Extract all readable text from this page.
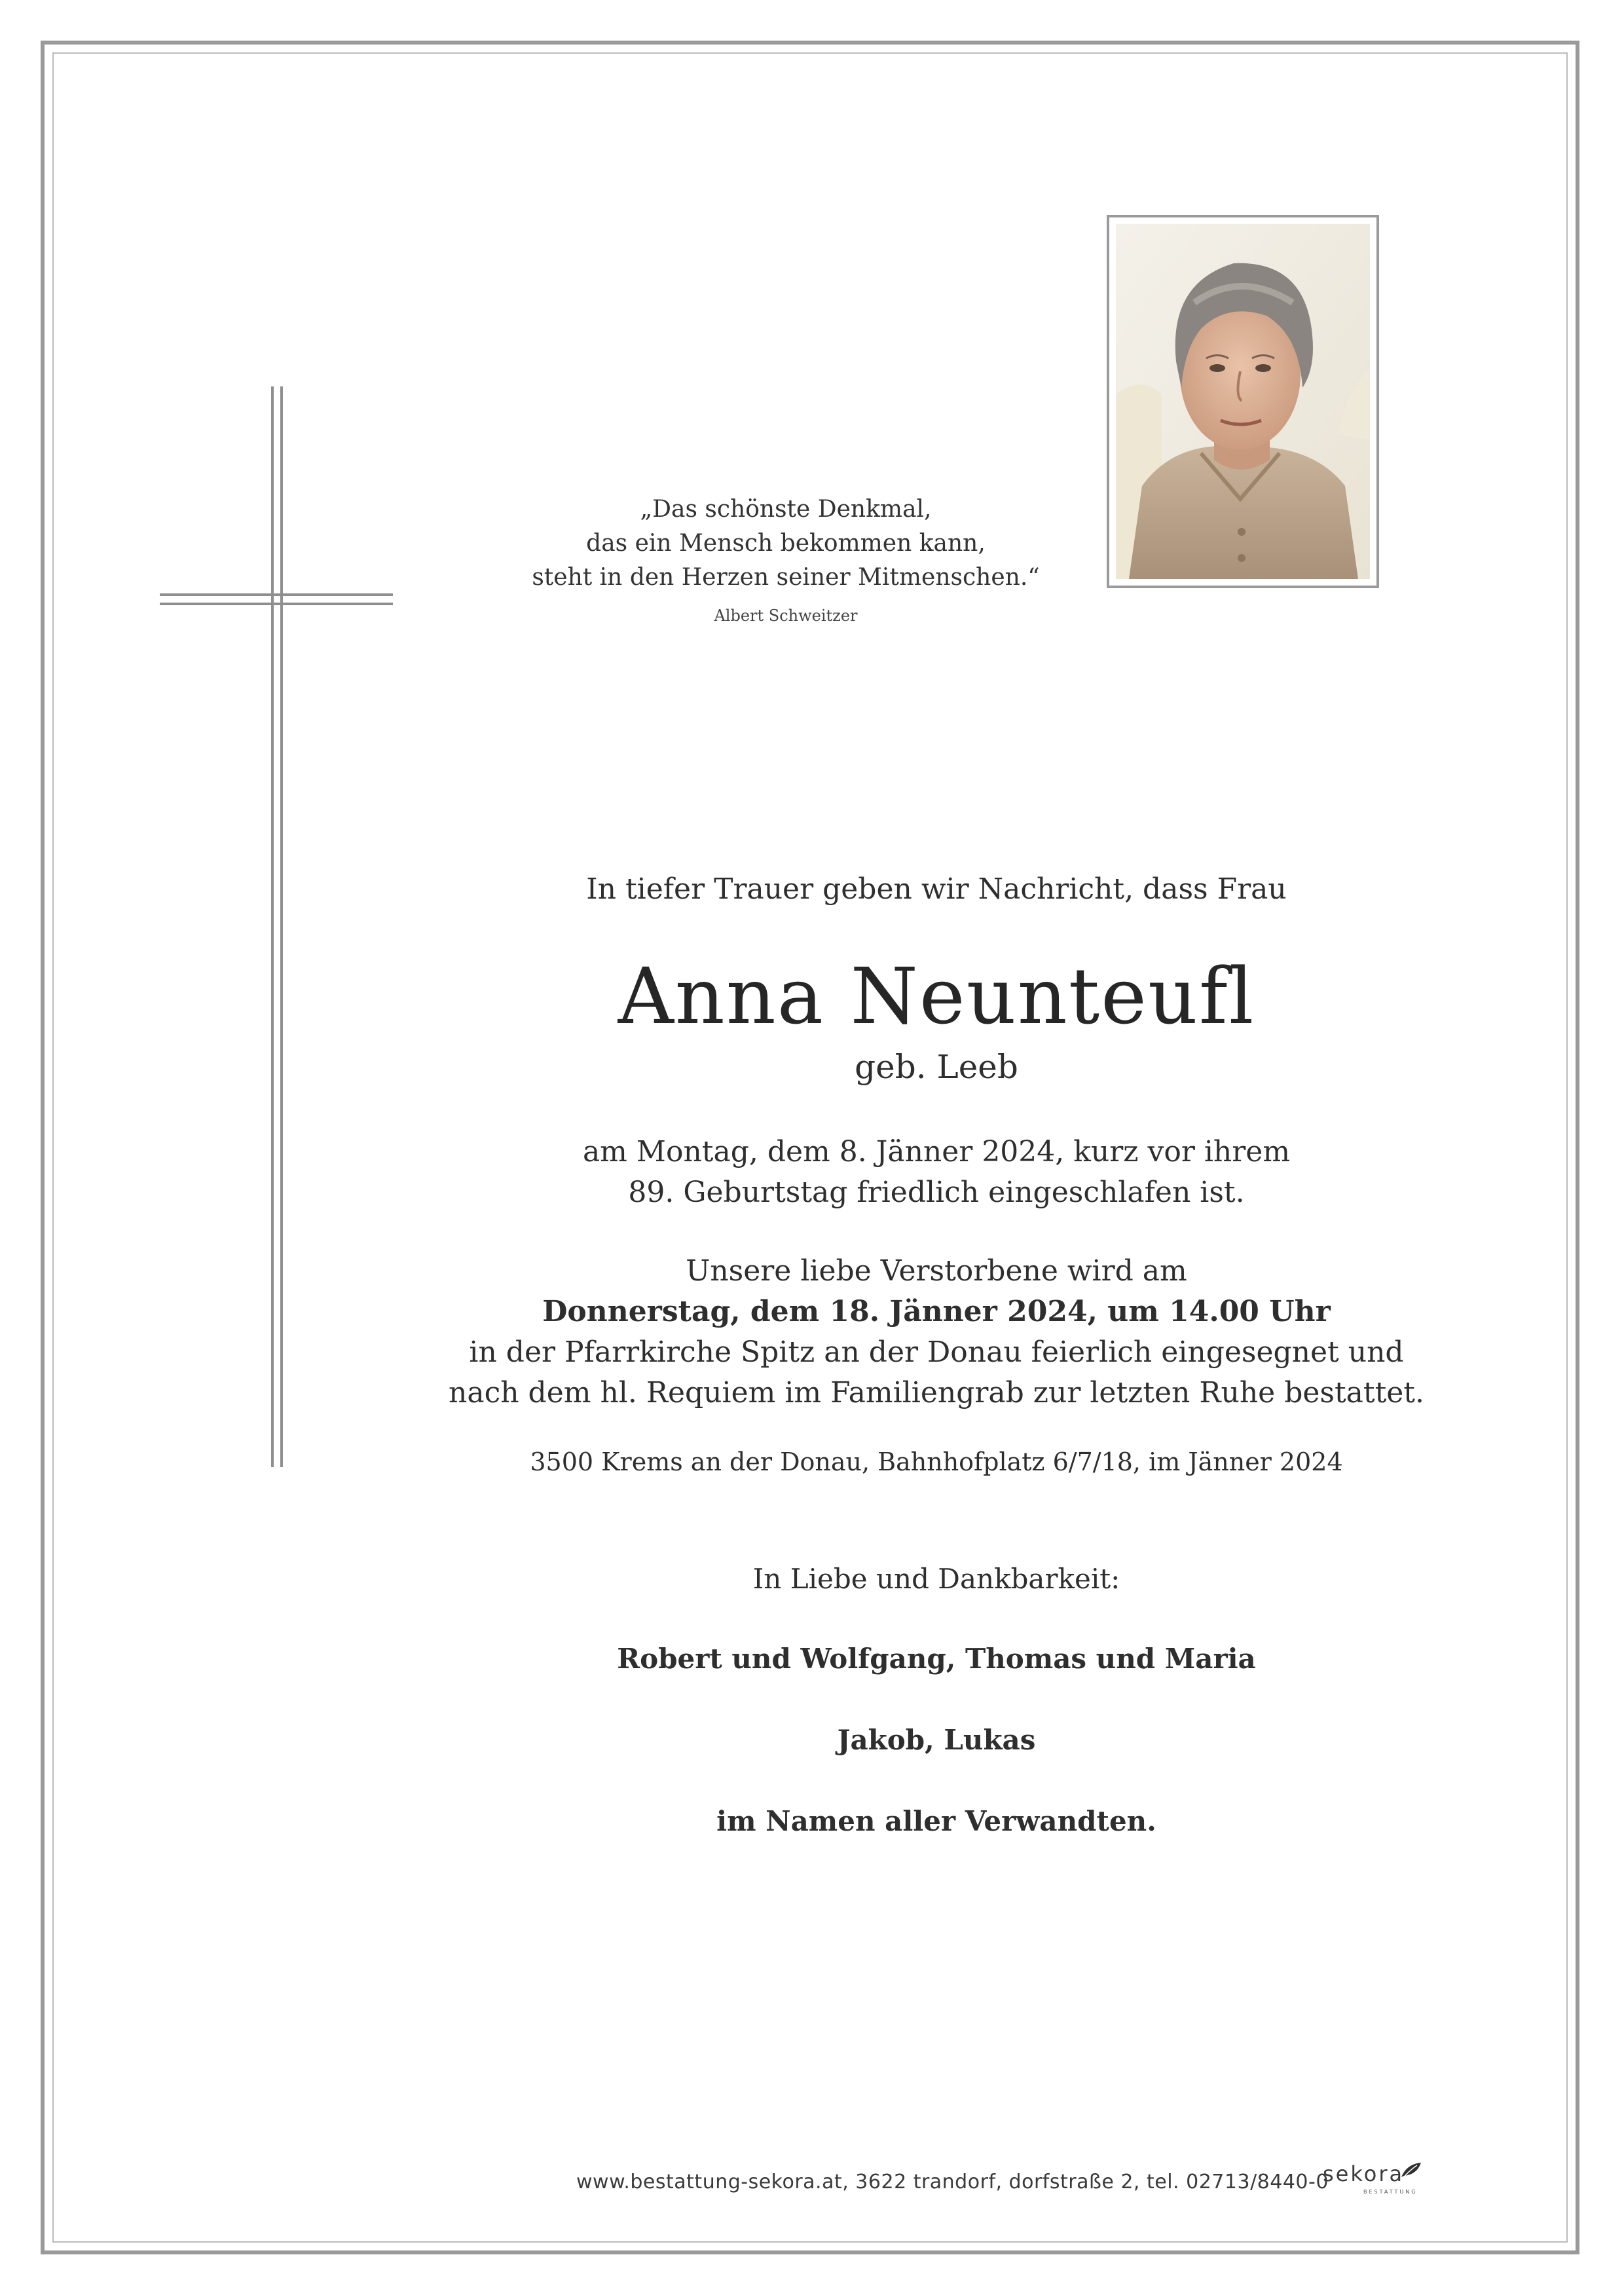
„Das schönste Denkmal,
das ein Mensch bekommen kann,
steht in den Herzen seiner Mitmenschen.“
Albert Schweitzer
In tiefer Trauer geben wir Nachricht, dass Frau
Anna Neunteufl
geb. Leeb
am Montag, dem 8. Jänner 2024, kurz vor ihrem
89. Geburtstag friedlich eingeschlafen ist.
Unsere liebe Verstorbene wird am
Donnerstag, dem 18. Jänner 2024, um 14.00 Uhr
in der Pfarrkirche Spitz an der Donau feierlich eingesegnet und
nach dem hl. Requiem im Familiengrab zur letzten Ruhe bestattet.
3500 Krems an der Donau, Bahnhofplatz 6/7/18, im Jänner 2024
In Liebe und Dankbarkeit:
Robert und Wolfgang, Thomas und Maria
Jakob, Lukas
im Namen aller Verwandten.
www.bestattung-sekora.at, 3622 trandorf, dorfstraße 2, tel. 02713/8440-0
sekora
BESTATTUNG
